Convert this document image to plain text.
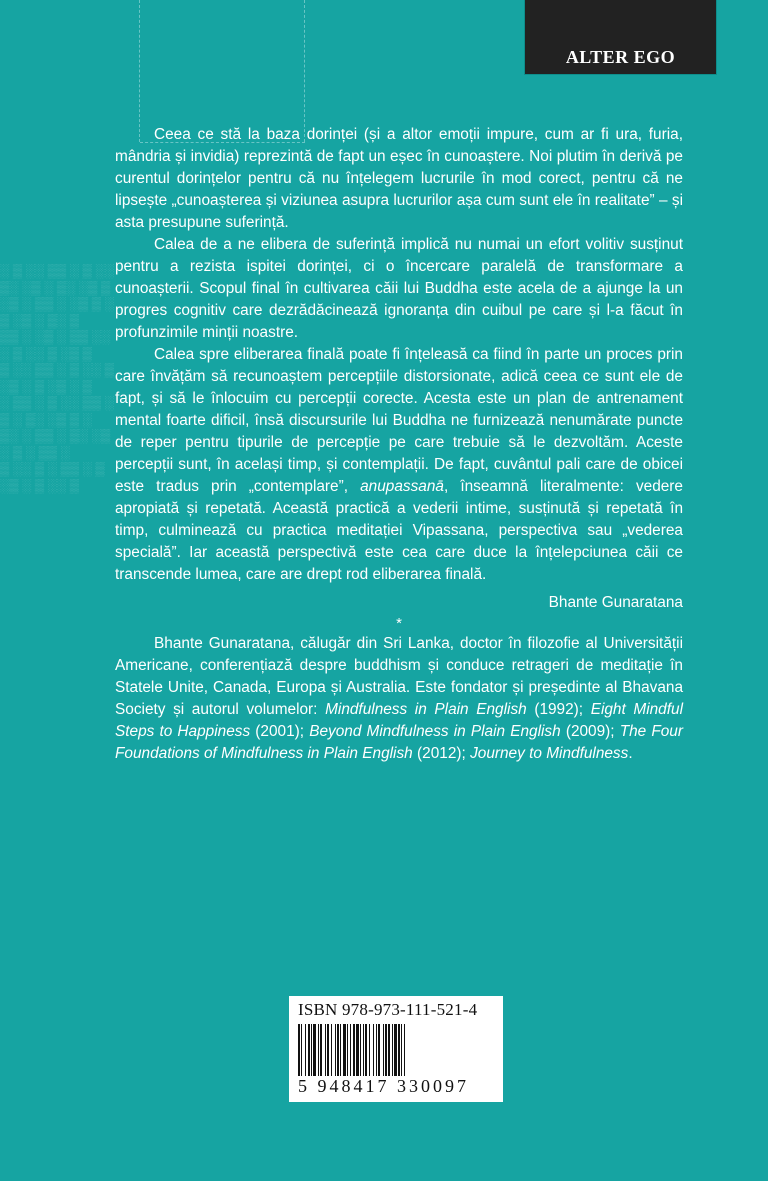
░ ▒ ░░ ▒▒ ░ ▒ ░░
▒░ ░▒ ░ ▒░ ░▒ ▒
░▒ ░ ▒▒ ░ ░▒ ▒ ░
▒ ░▒ ░ ▒░ ▒
▒▒ ░ ░▒ ░ ▒▒ ░░
░ ▒ ░░ ▒ ░▒ ▒
▒ ░░ ▒▒ ░ ▒ ░░ ▒
░▒ ░ ▒ ░▒ ░ ▒
░ ▒▒ ░ ▒ ░░ ▒▒ ░
▒ ░ ▒░ ░▒ ▒ ░
▒░ ░ ▒▒ ░ ▒░ ░▒
░ ▒ ░ ▒▒ ░
▒ ░░ ▒ ░ ▒▒ ░ ▒
░▒ ░ ▒ ░░ ▒
ALTER EGO

Ceea ce stă la baza dorinței (și a altor emoții impure, cum ar fi ura, furia, mândria și invidia) reprezintă de fapt un eșec în cunoaștere. Noi plutim în derivă pe curentul dorințelor pentru că nu înțelegem lucrurile în mod corect, pentru că ne lipsește „cunoașterea și viziunea asupra lucrurilor așa cum sunt ele în realitate” – și asta presupune suferință.

Calea de a ne elibera de suferință implică nu numai un efort volitiv susținut pentru a rezista ispitei dorinței, ci o încercare paralelă de transformare a cunoașterii. Scopul final în cultivarea căii lui Buddha este acela de a ajunge la un progres cognitiv care dezrădăcinează ignoranța din cuibul pe care și l-a făcut în profunzimile minții noastre.

Calea spre eliberarea finală poate fi înțeleasă ca fiind în parte un proces prin care învățăm să recunoaștem percepțiile distorsionate, adică ceea ce sunt ele de fapt, și să le înlocuim cu percepții corecte. Acesta este un plan de antrenament mental foarte dificil, însă discursurile lui Buddha ne furnizează nenumărate puncte de reper pentru tipurile de percepție pe care trebuie să le dezvoltăm. Aceste percepții sunt, în același timp, și contemplații. De fapt, cuvântul pali care de obicei este tradus prin „contemplare”, anupassanā, înseamnă literalmente: vedere apropiată și repetată. Această practică a vederii intime, susținută și repetată în timp, culminează cu practica meditației Vipassana, perspectiva sau „vederea specială”. Iar această perspectivă este cea care duce la înțelepciunea căii ce transcende lumea, care are drept rod eliberarea finală.

Bhante Gunaratana
*

Bhante Gunaratana, călugăr din Sri Lanka, doctor în filozofie al Universității Americane, conferențiază despre buddhism și conduce retrageri de meditație în Statele Unite, Canada, Europa și Australia. Este fondator și președinte al Bhavana Society și autorul volumelor: Mindfulness in Plain English (1992); Eight Mindful Steps to Happiness (2001); Beyond Mindfulness in Plain English (2009); The Four Foundations of Mindfulness in Plain English (2012); Journey to Mindfulness.

ISBN 978-973-111-521-4
5 948417 330097
